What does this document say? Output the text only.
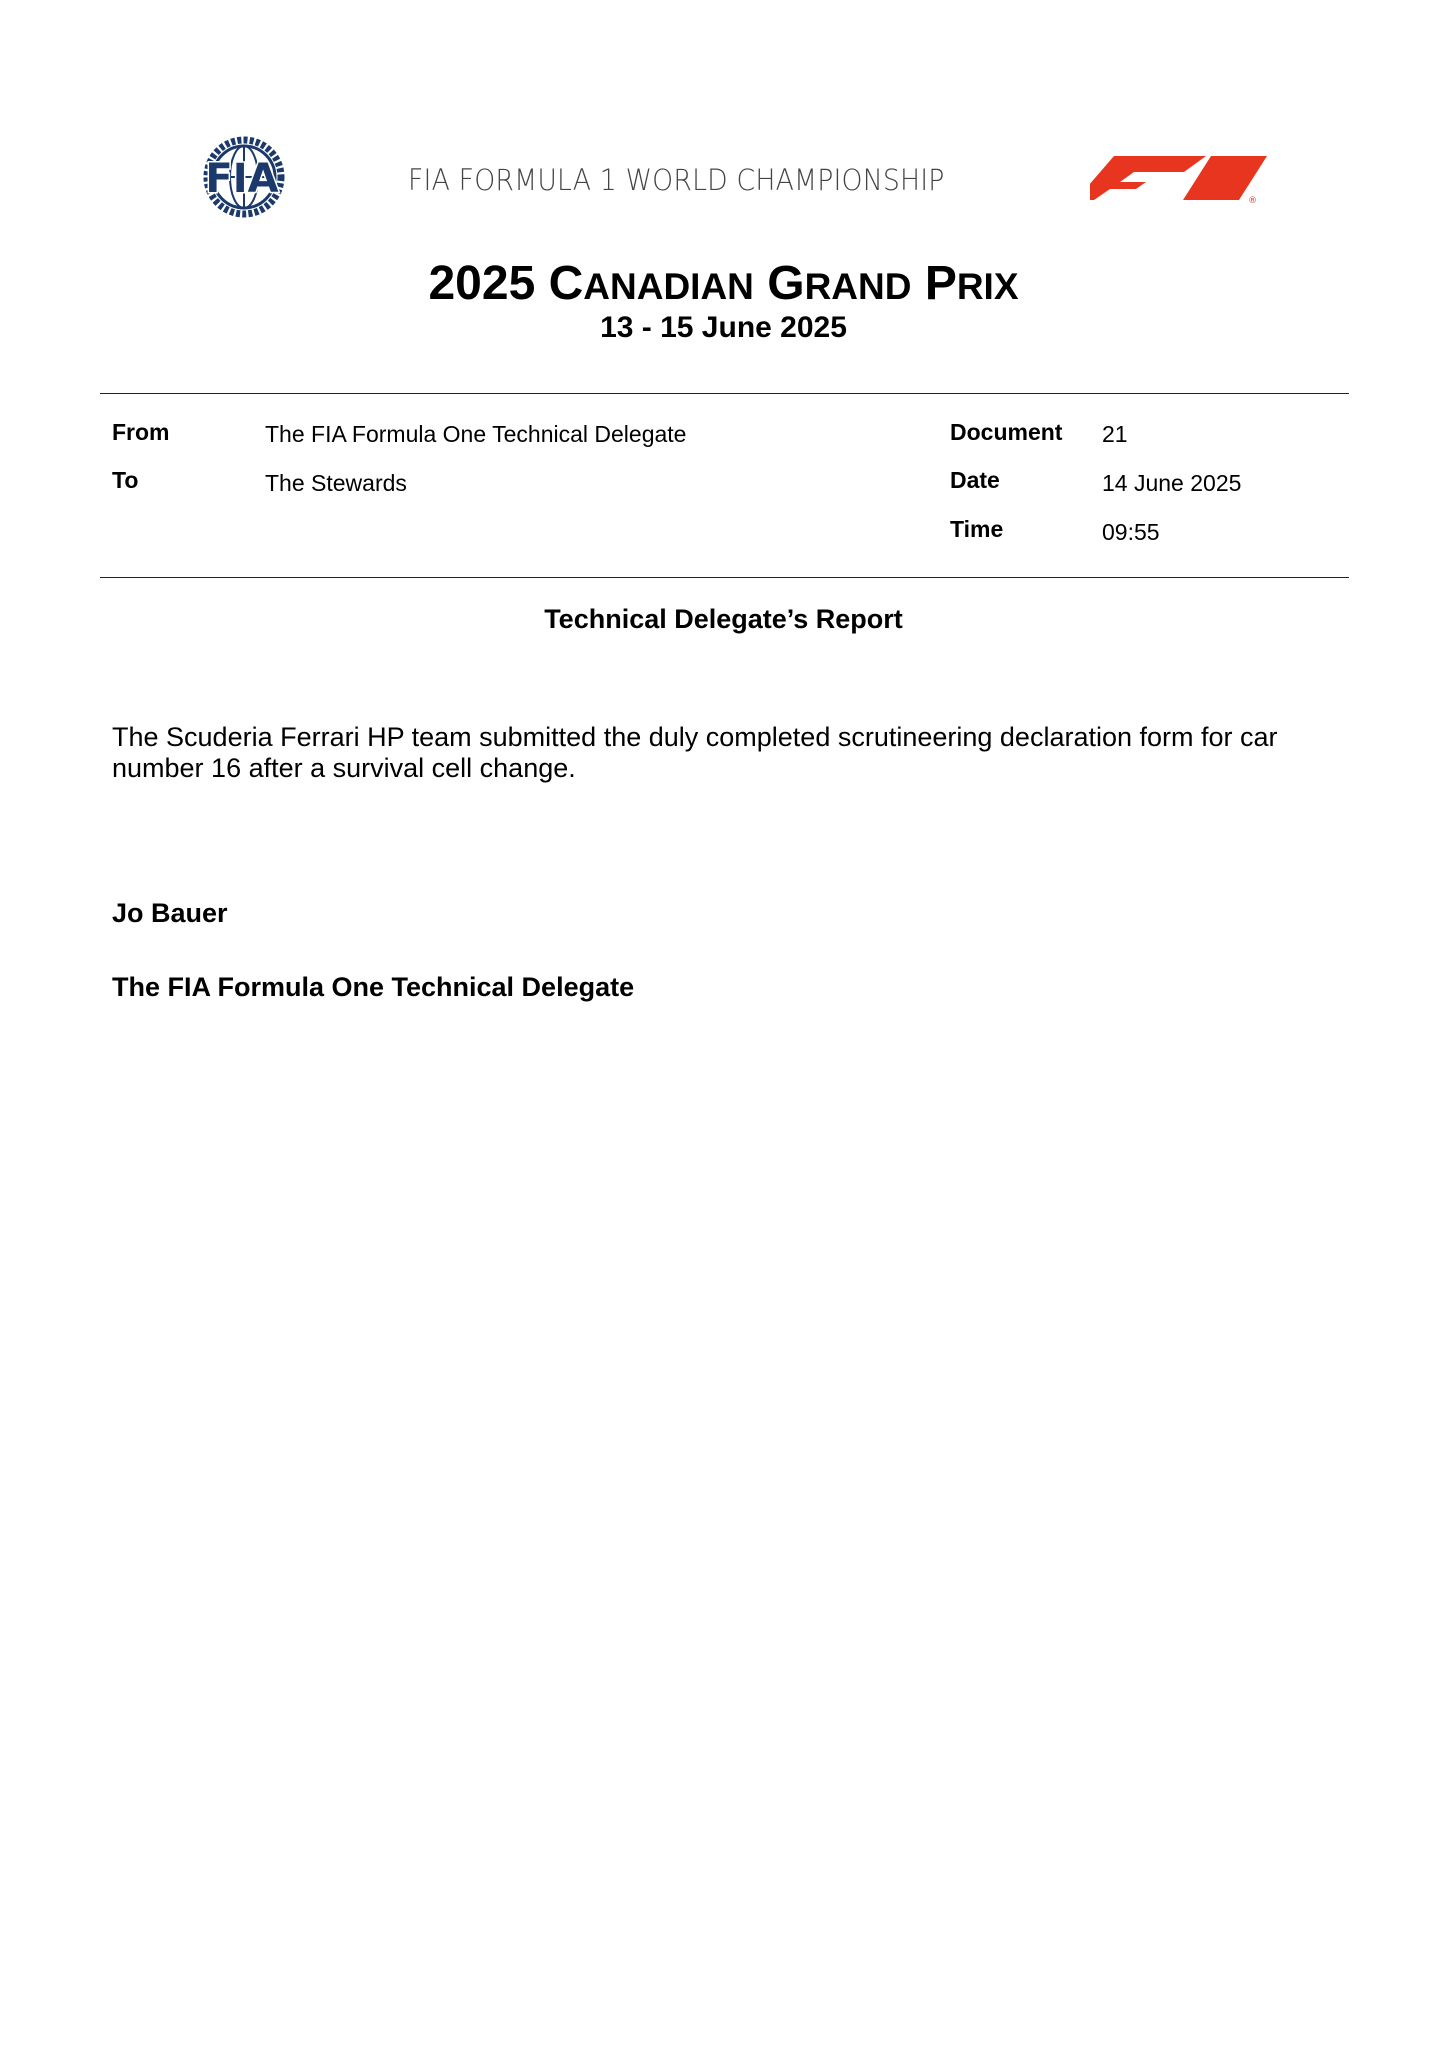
FIA	FIA FORMULA 1 WORLD CHAMPIONSHIP
®
2025 CANADIAN GRAND PRIX
13 - 15 June 2025
From	The FIA Formula One Technical Delegate
To	The Stewards
Document 21
Date	14 June 2025
Time	09:55
Technical Delegate’s Report
The Scuderia Ferrari HP team submitted the duly completed scrutineering declaration form for car number 16 after a survival cell change.
Jo Bauer
The FIA Formula One Technical Delegate
